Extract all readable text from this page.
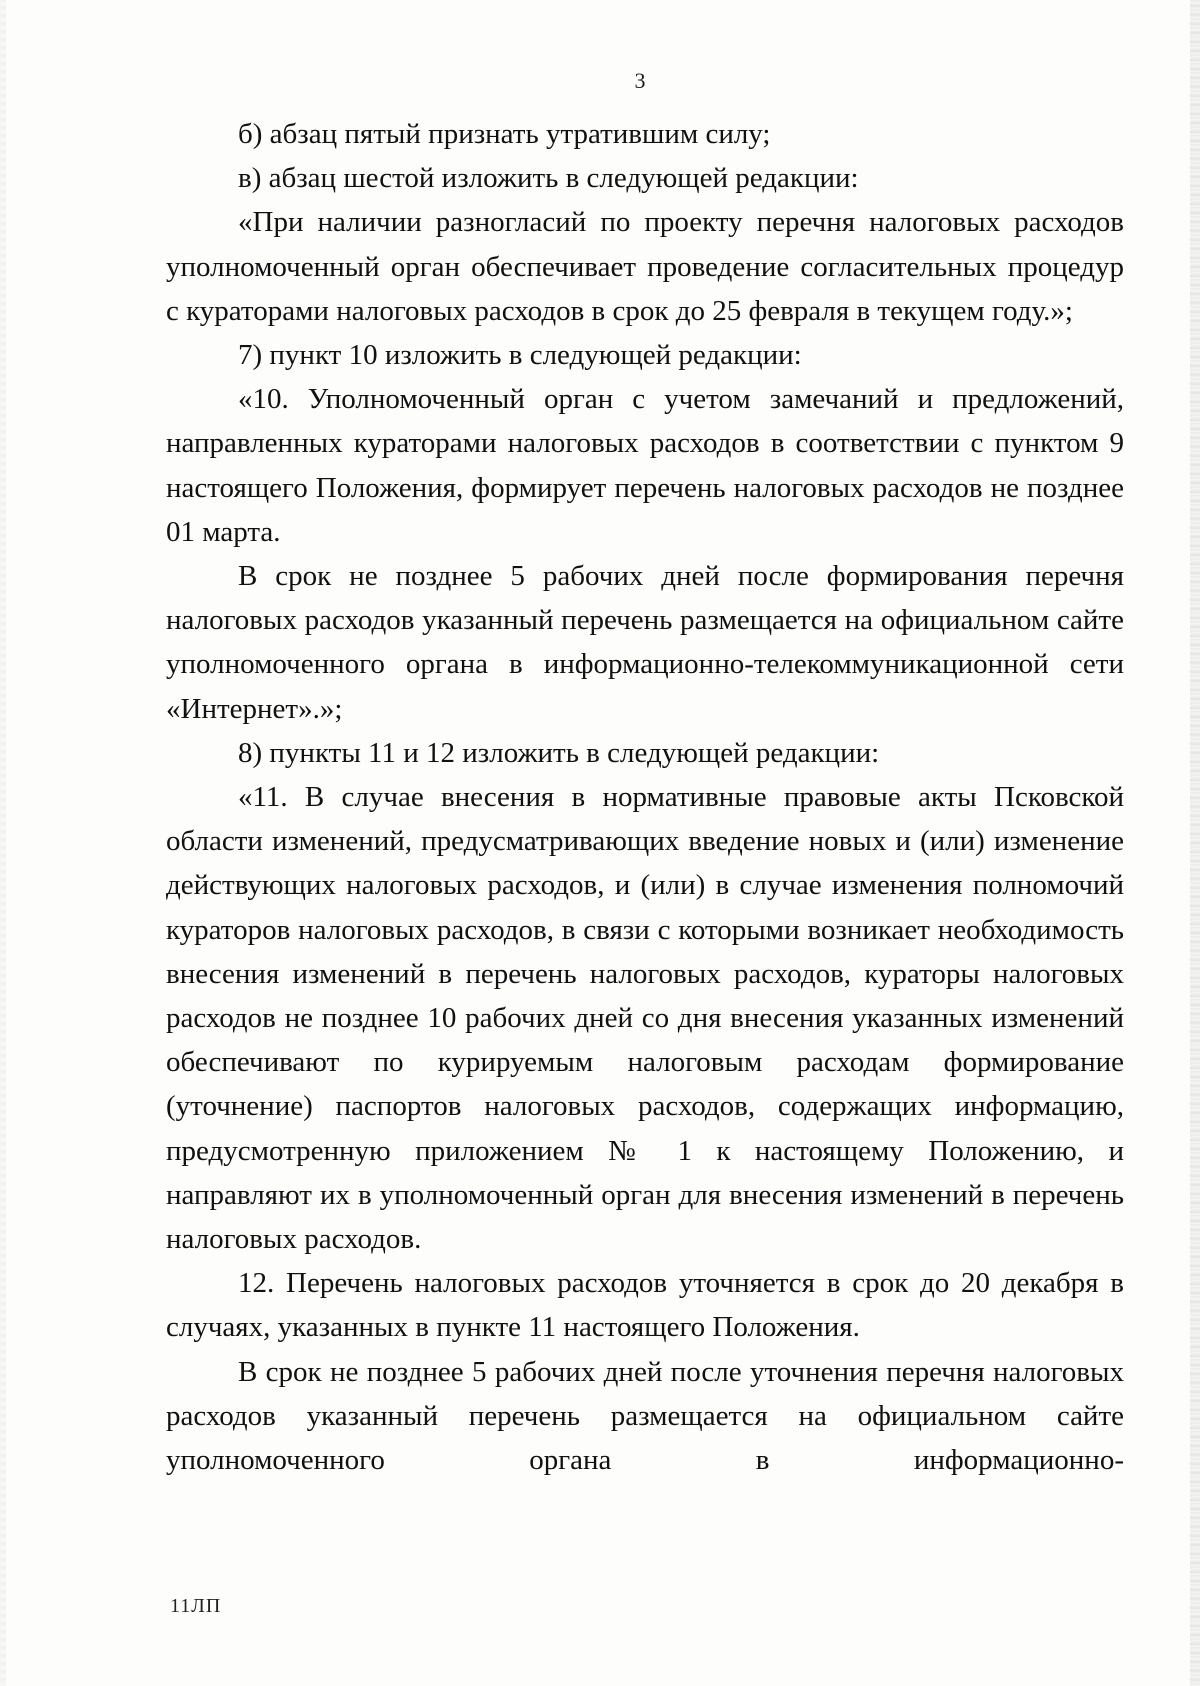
3

б) абзац пятый признать утратившим силу;

в) абзац шестой изложить в следующей редакции:

«При наличии разногласий по проекту перечня налоговых расходов уполномоченный орган обеспечивает проведение согласительных процедур с кураторами налоговых расходов в срок до 25 февраля в текущем году.»;

7) пункт 10 изложить в следующей редакции:

«10. Уполномоченный орган с учетом замечаний и предложений, направленных кураторами налоговых расходов в соответствии с пунктом 9 настоящего Положения, формирует перечень налоговых расходов не позднее 01 марта.

В срок не позднее 5 рабочих дней после формирования перечня налоговых расходов указанный перечень размещается на официальном сайте уполномоченного органа в информационно-телекоммуникационной сети «Интернет».»;

8) пункты 11 и 12 изложить в следующей редакции:

«11. В случае внесения в нормативные правовые акты Псковской области изменений, предусматривающих введение новых и (или) изменение действующих налоговых расходов, и (или) в случае изменения полномочий кураторов налоговых расходов, в связи с которыми возникает необходимость внесения изменений в перечень налоговых расходов, кураторы налоговых расходов не позднее 10 рабочих дней со дня внесения указанных изменений обеспечивают по курируемым налоговым расходам формирование (уточнение) паспортов налоговых расходов, содержащих информацию, предусмотренную приложением № 1 к настоящему Положению, и направляют их в уполномоченный орган для внесения изменений в перечень налоговых расходов.

12. Перечень налоговых расходов уточняется в срок до 20 декабря в случаях, указанных в пункте 11 настоящего Положения.

В срок не позднее 5 рабочих дней после уточнения перечня налоговых расходов указанный перечень размещается на официальном сайте уполномоченного органа в информационно-

11ЛП
